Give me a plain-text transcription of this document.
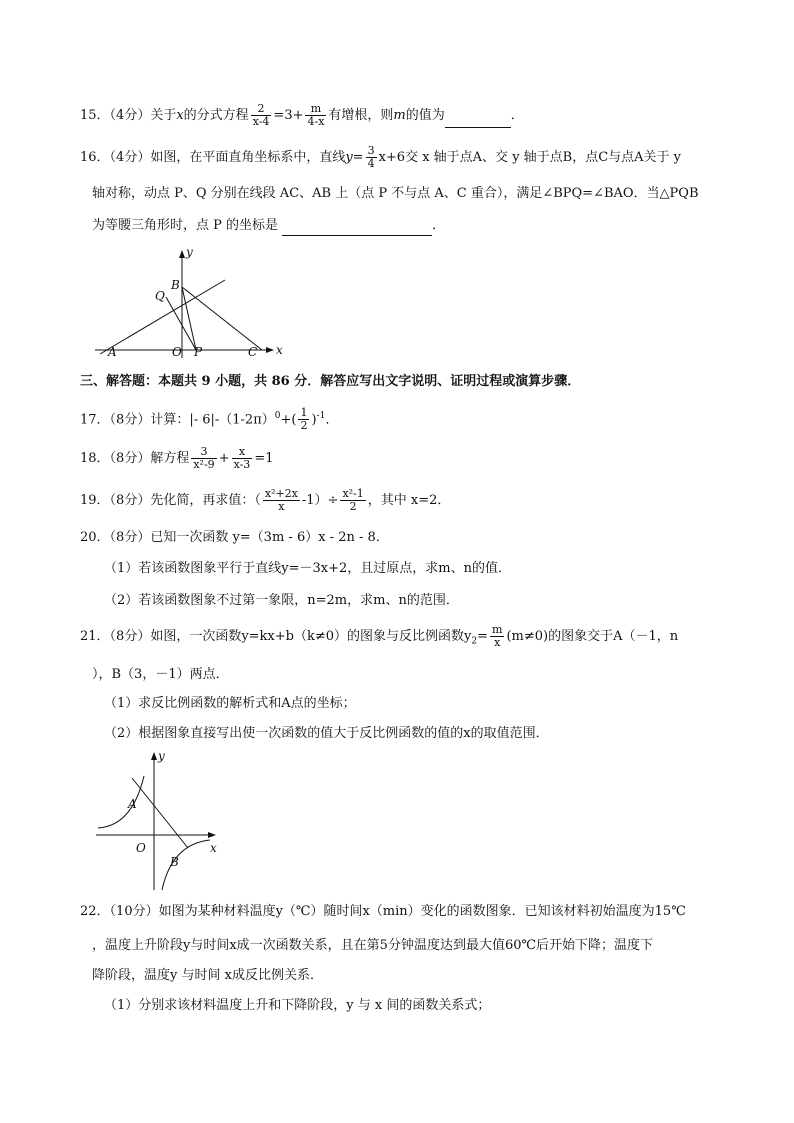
15．（4分）关于x的分式方程 $\frac{2}{x-4} =3+ \frac{m}{4-x}$ 有增根，则m的值为	．
16．（4分）如图，在平面直角坐标系中，直线$y= \frac{3}{4} x+6$交 x 轴于点A、交 y 轴于点B，点C与点A关于 y
轴对称，动点 P、Q 分别在线段 AC、AB 上（点 P 不与点 A、C 重合），满足∠BPQ=∠BAO．当△PQB
为等腰三角形时，点 P 的坐标是	．
y
x
B
Q
A	O P	C
三、解答题：本题共 9 小题，共 86 分．解答应写出文字说明、证明过程或演算步骤．
17．（8分）计算：|- $6|-(1-2\pi)^0+( \frac{1}{2} )^{-1}$．
18．（8分）解方程 $\frac{3}{\text{x²-9}} + \frac{x}{x-3} =1$
19．（8分）先化简，再求值：（ $\frac{\text{x²+2x}}{x} -1)\div \frac{\text{x²-1}}{2}$ ，其中 x=2．
20．（8分）已知一次函数 y=（3m - 6）x - 2n - 8．
（1）若该函数图象平行于直线y=－3x+2，且过原点，求m、n的值．
（2）若该函数图象不过第一象限，n=2m，求m、n的范围．
21．（8分）如图，一次函数y=kx+b（k≠0）的图象与反比例函数$y_2= \frac{m}{x} (m\ne 0)$的图象交于A（－1，n
），B（3，－1）两点．
（1）求反比例函数的解析式和A点的坐标；
（2）根据图象直接写出使一次函数的值大于反比例函数的值的x的取值范围．
y
x
A
O
B
22．（10分）如图为某种材料温度y（℃）随时间x（min）变化的函数图象．已知该材料初始温度为15℃
，温度上升阶段y与时间x成一次函数关系，且在第5分钟温度达到最大值60℃后开始下降；温度下
降阶段，温度y 与时间 x成反比例关系．
（1）分别求该材料温度上升和下降阶段，y 与 x 间的函数关系式；
